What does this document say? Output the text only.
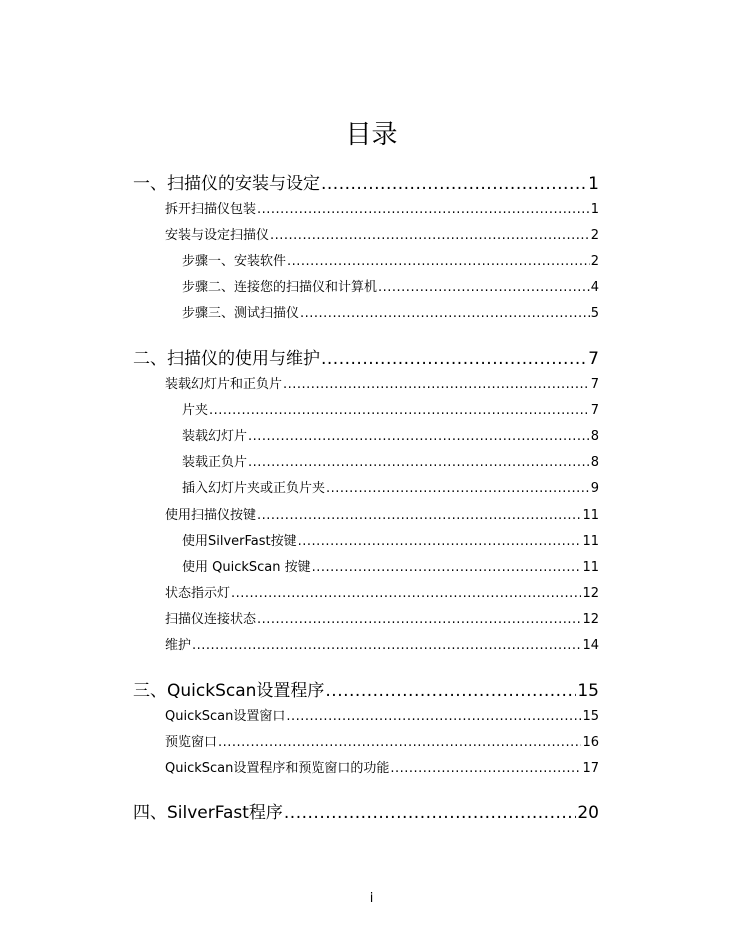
目录
一、扫描仪的安装与设定 .....	1
拆开扫描仪包装 .....	1
安装与设定扫描仪 .....	2
步骤一、安装软件 .....	2
步骤二、连接您的扫描仪和计算机 .....	4
步骤三、测试扫描仪 .....	5
二、扫描仪的使用与维护 .....	7
装载幻灯片和正负片 .....	7
片夹 .....	7
装载幻灯片 .....	8
装载正负片 .....	8
插入幻灯片夹或正负片夹 .....	9
使用扫描仪按键 .....	11
使用SilverFast按键 .....	11
使用 QuickScan 按键 .....	11
状态指示灯 .....	12
扫描仪连接状态 .....	12
维护 .....	14
三、QuickScan设置程序 .....	15
QuickScan设置窗口 .....	15
预览窗口 .....	16
QuickScan设置程序和预览窗口的功能 .....	17
四、SilverFast程序 .....	20
i
